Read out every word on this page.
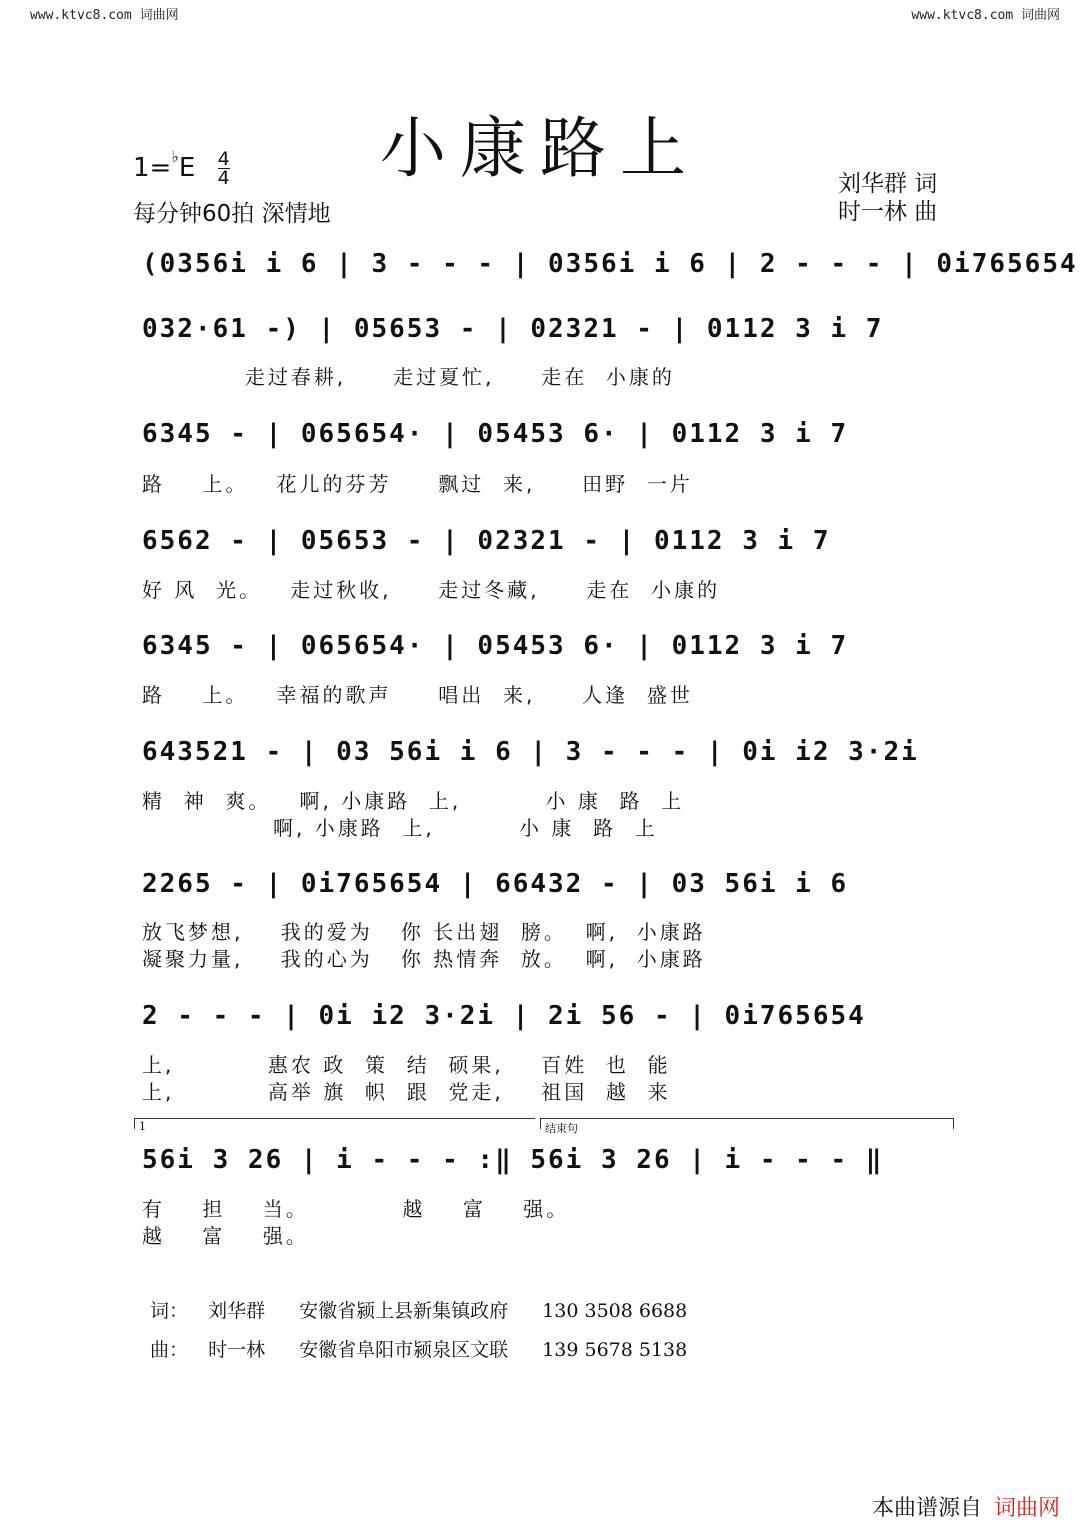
www.ktvc8.com 词曲网	www.ktvc8.com 词曲网
小康路上
$1=^♭E \frac{4}{4}$
每分钟60拍 深情地
刘华群 词
时一林 曲
(0356i i 6 | 3 - - - | 0356i i 6 | 2 - - - | 0i765654
032·61 -) | 05653 - | 02321 - | 0112 3 i 7
走过春耕,     走过夏忙,     走在  小康的
6345 - | 065654· | 05453 6· | 0112 3 i 7
路    上。   花儿的芬芳     飘过  来,     田野  一片
6562 - | 05653 - | 02321 - | 0112 3 i 7
好 风  光。   走过秋收,     走过冬藏,     走在  小康的
6345 - | 065654· | 05453 6· | 0112 3 i 7
路    上。   幸福的歌声     唱出  来,     人逢  盛世
643521 - | 03 56i i 6 | 3 - - - | 0i i2 3·2i
精  神  爽。   啊, 小康路  上,         小 康  路  上
啊, 小康路  上,         小 康  路  上
2265 - | 0i765654 | 66432 - | 03 56i i 6
放飞梦想,    我的爱为   你 长出翅  膀。  啊,  小康路
凝聚力量,    我的心为   你 热情奔  放。  啊,  小康路
2 - - - | 0i i2 3·2i | 2i 56 - | 0i765654
上,          惠农 政  策  结  硕果,    百姓  也  能
上,          高举 旗  帜  跟  党走,    祖国  越  来
1	结束句
56i 3 26 | i - - - :‖ 56i 3 26 | i - - - ‖
有    担    当。          越    富    强。
越    富    强。
词： 刘华群 安徽省颍上县新集镇政府 130 3508 6688
曲： 时一林 安徽省阜阳市颍泉区文联 139 5678 5138
本曲谱源自 词曲网
